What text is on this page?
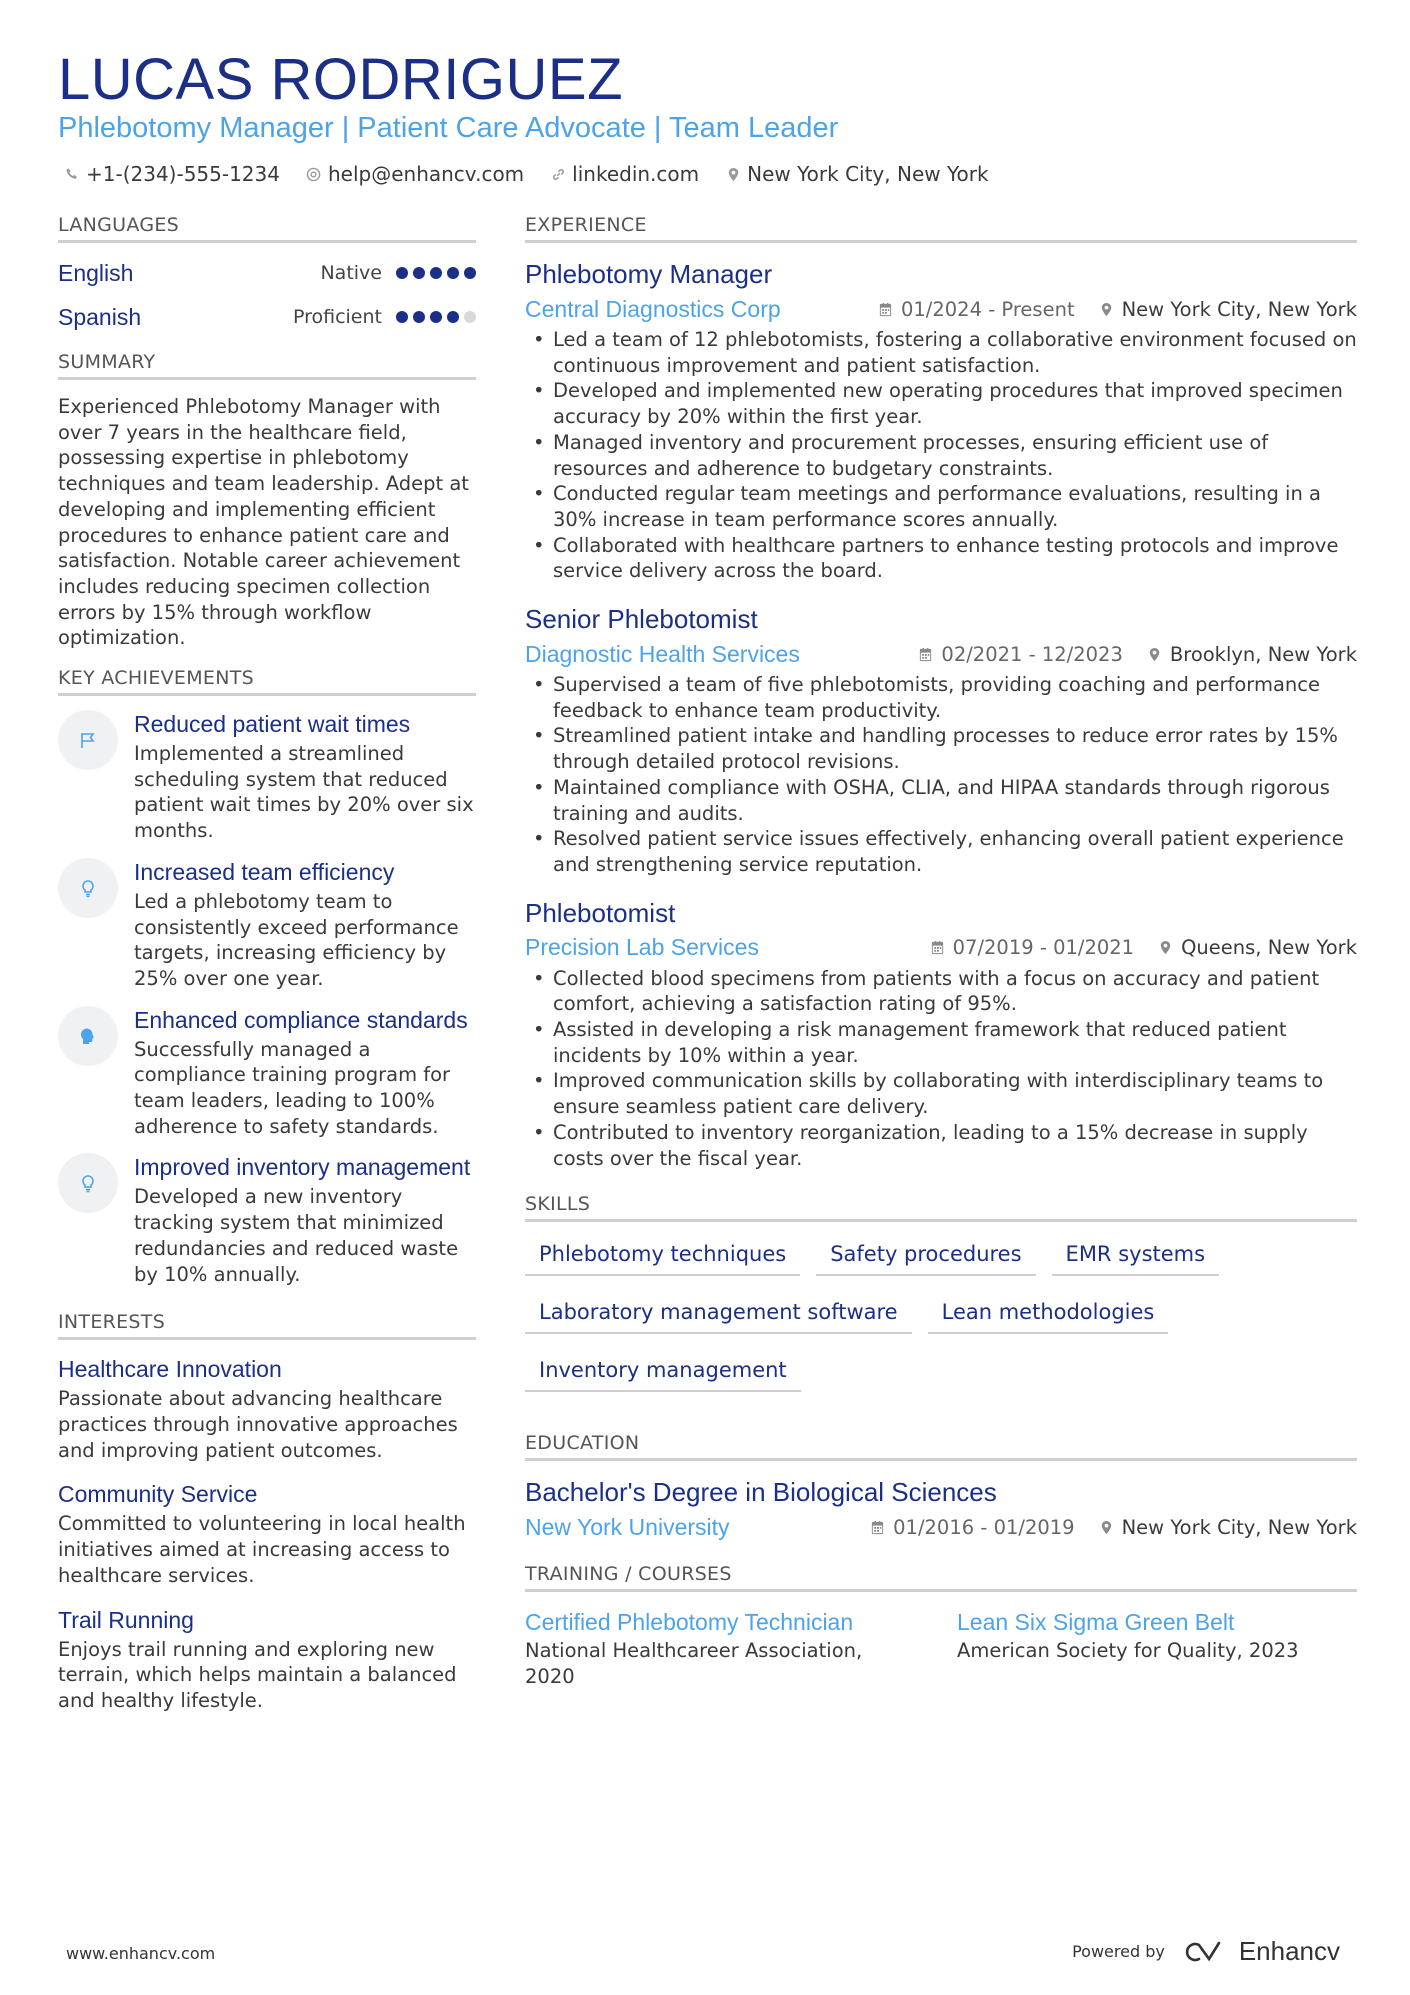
LUCAS RODRIGUEZ
Phlebotomy Manager | Patient Care Advocate | Team Leader
+1-(234)-555-1234 help@enhancv.com linkedin.com New York City, New York
LANGUAGES
English	Native
Spanish	Proficient
SUMMARY
Experienced Phlebotomy Manager with over 7 years in the healthcare field, possessing expertise in phlebotomy techniques and team leadership. Adept at developing and implementing efficient procedures to enhance patient care and satisfaction. Notable career achievement includes reducing specimen collection errors by 15% through workflow optimization.
KEY ACHIEVEMENTS
Reduced patient wait times
Implemented a streamlined scheduling system that reduced patient wait times by 20% over six months.
Increased team efficiency
Led a phlebotomy team to consistently exceed performance targets, increasing efficiency by 25% over one year.
Enhanced compliance standards
Successfully managed a compliance training program for team leaders, leading to 100% adherence to safety standards.
Improved inventory management
Developed a new inventory tracking system that minimized redundancies and reduced waste by 10% annually.
INTERESTS
Healthcare Innovation
Passionate about advancing healthcare practices through innovative approaches and improving patient outcomes.
Community Service
Committed to volunteering in local health initiatives aimed at increasing access to healthcare services.
Trail Running
Enjoys trail running and exploring new terrain, which helps maintain a balanced and healthy lifestyle.
EXPERIENCE
Phlebotomy Manager
Central Diagnostics Corp	01/2024 - Present New York City, New York
• Led a team of 12 phlebotomists, fostering a collaborative environment focused on continuous improvement and patient satisfaction.
• Developed and implemented new operating procedures that improved specimen accuracy by 20% within the first year.
• Managed inventory and procurement processes, ensuring efficient use of resources and adherence to budgetary constraints.
• Conducted regular team meetings and performance evaluations, resulting in a 30% increase in team performance scores annually.
• Collaborated with healthcare partners to enhance testing protocols and improve service delivery across the board.
Senior Phlebotomist
Diagnostic Health Services	02/2021 - 12/2023 Brooklyn, New York
• Supervised a team of five phlebotomists, providing coaching and performance feedback to enhance team productivity.
• Streamlined patient intake and handling processes to reduce error rates by 15% through detailed protocol revisions.
• Maintained compliance with OSHA, CLIA, and HIPAA standards through rigorous training and audits.
• Resolved patient service issues effectively, enhancing overall patient experience and strengthening service reputation.
Phlebotomist
Precision Lab Services	07/2019 - 01/2021 Queens, New York
• Collected blood specimens from patients with a focus on accuracy and patient comfort, achieving a satisfaction rating of 95%.
• Assisted in developing a risk management framework that reduced patient incidents by 10% within a year.
• Improved communication skills by collaborating with interdisciplinary teams to ensure seamless patient care delivery.
• Contributed to inventory reorganization, leading to a 15% decrease in supply costs over the fiscal year.
SKILLS
Phlebotomy techniques	Safety procedures	EMR systems
Laboratory management software	Lean methodologies
Inventory management
EDUCATION
Bachelor's Degree in Biological Sciences
New York University	01/2016 - 01/2019 New York City, New York
TRAINING / COURSES
Certified Phlebotomy Technician
National Healthcareer Association, 2020
Lean Six Sigma Green Belt
American Society for Quality, 2023
www.enhancv.com	Powered by	Enhancv
